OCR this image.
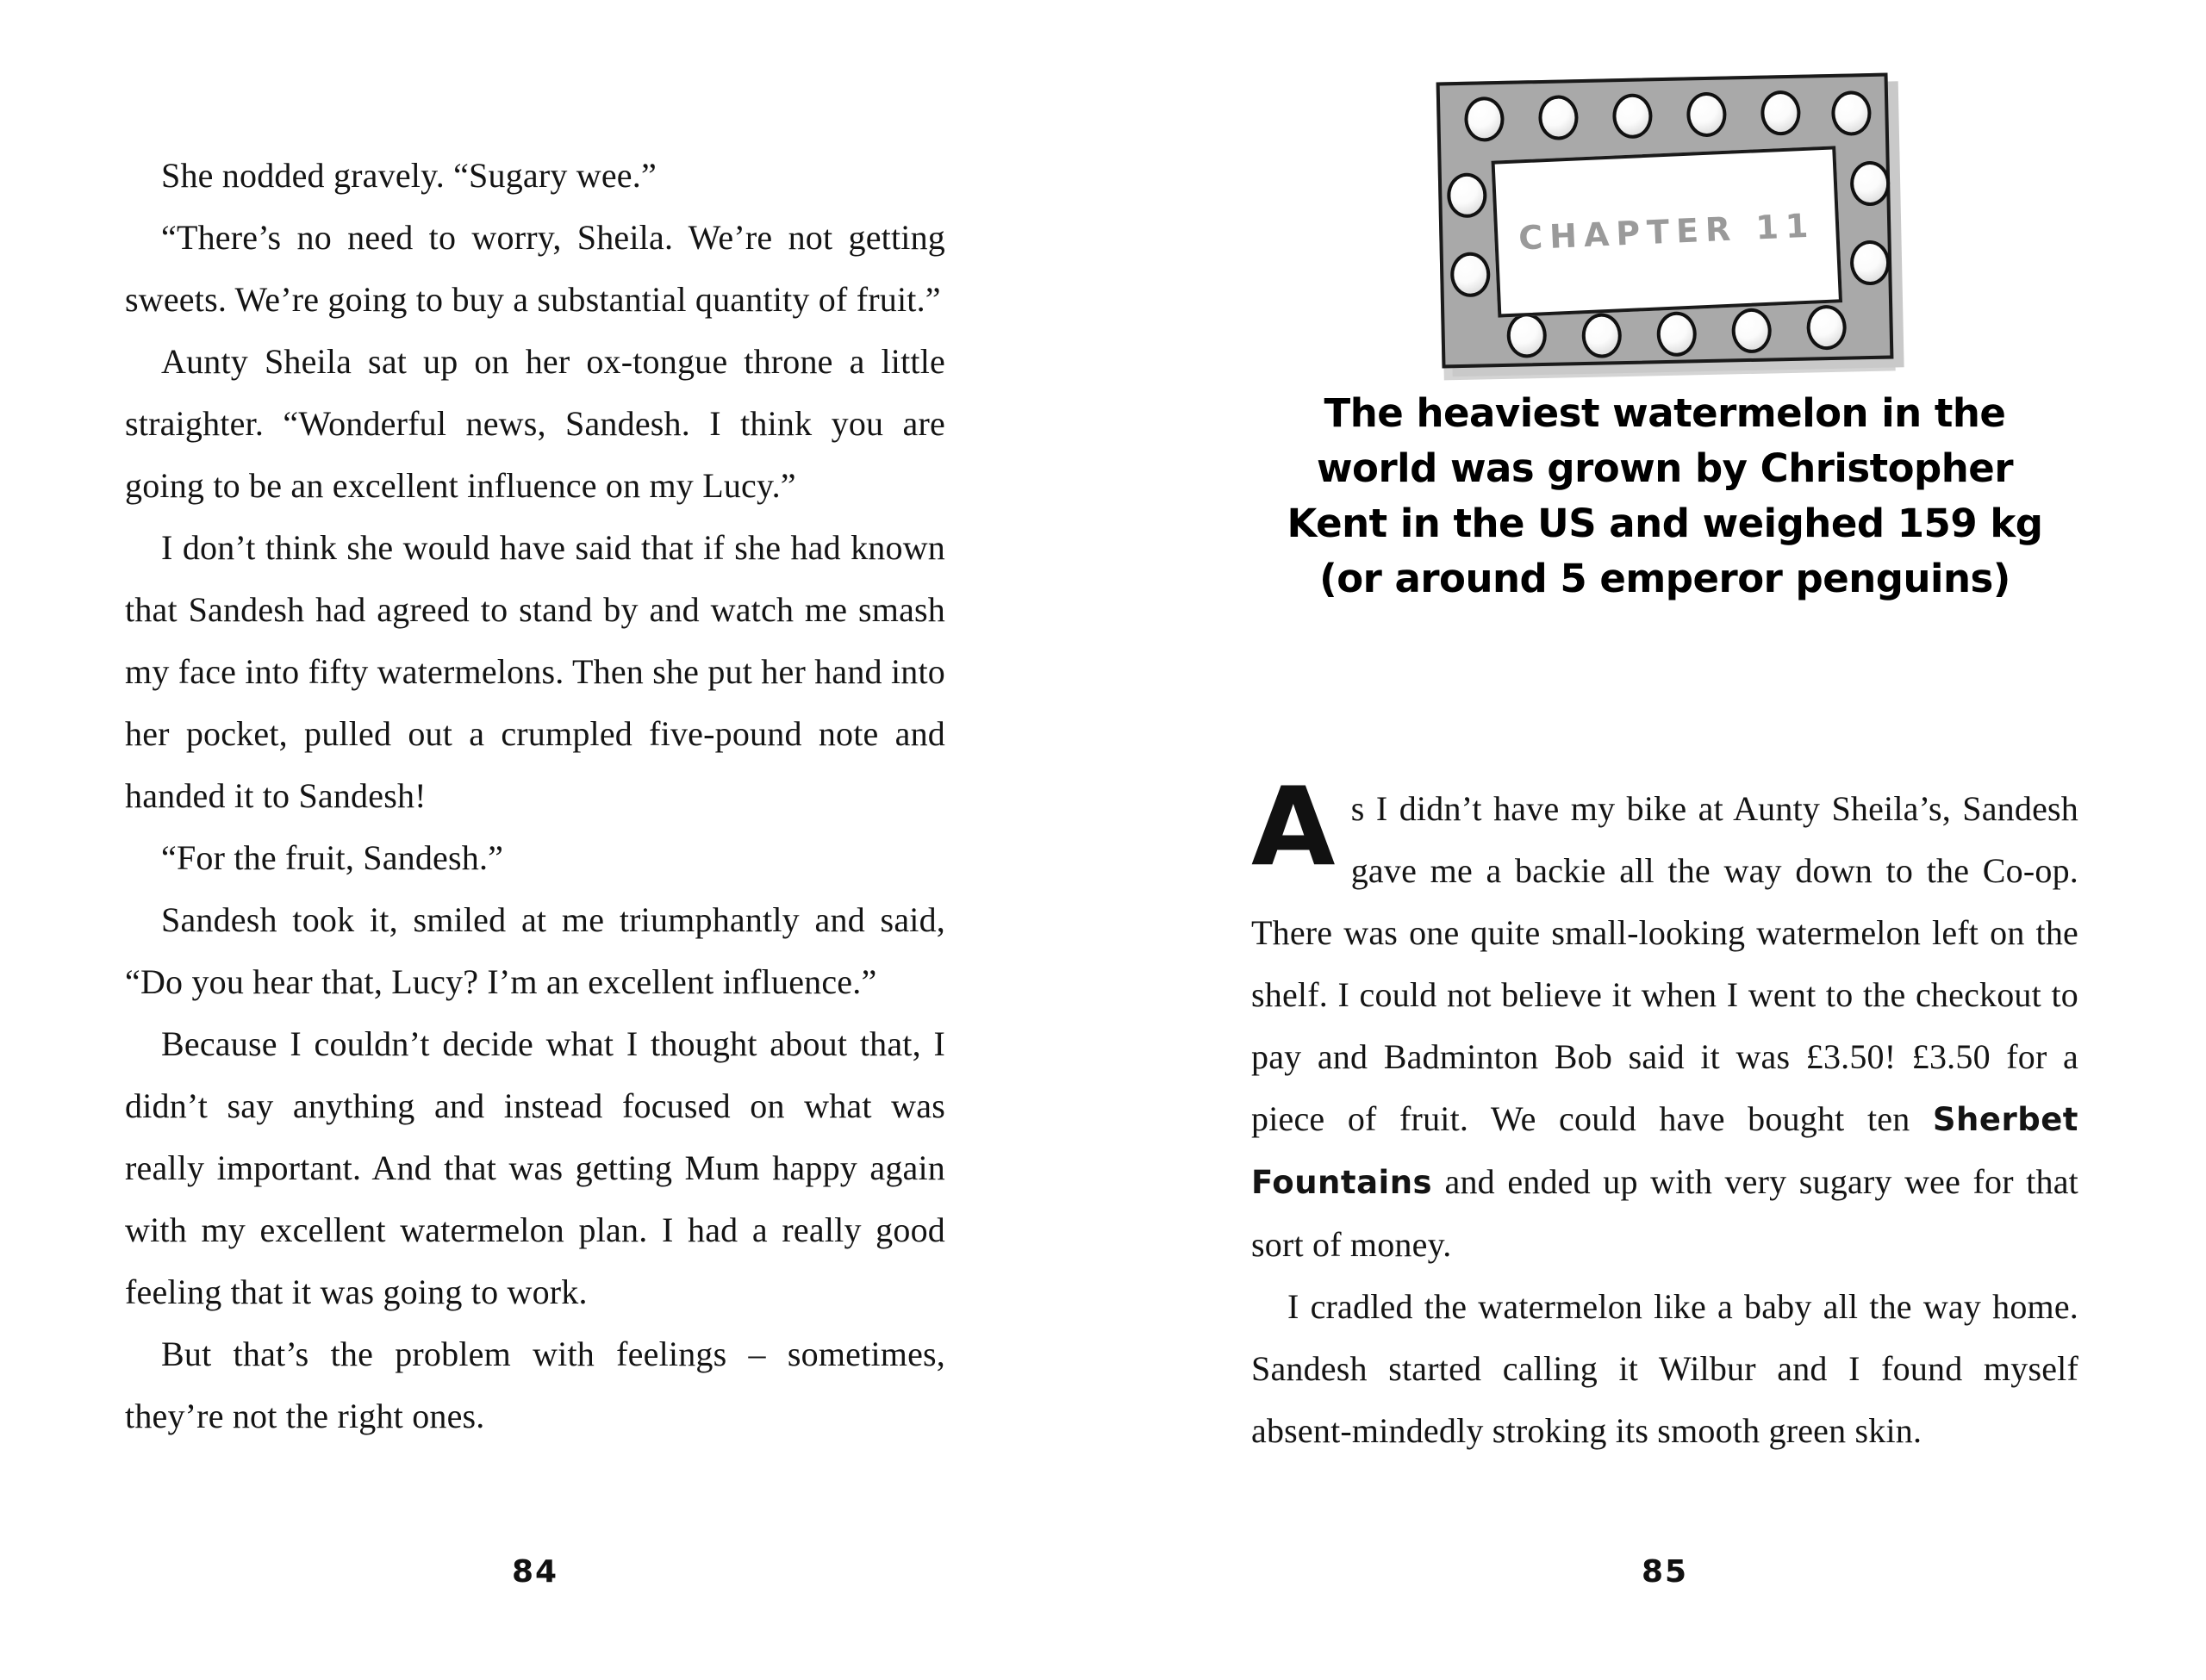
She nodded gravely. “Sugary wee.”

“There’s no need to worry, Sheila. We’re not getting sweets. We’re going to buy a substantial quantity of fruit.”

Aunty Sheila sat up on her ox-tongue throne a little straighter. “Wonderful news, Sandesh. I think you are going to be an excellent influence on my Lucy.”

I don’t think she would have said that if she had known that Sandesh had agreed to stand by and watch me smash my face into fifty watermelons. Then she put her hand into her pocket, pulled out a crumpled five-pound note and handed it to Sandesh!

“For the fruit, Sandesh.”

Sandesh took it, smiled at me triumphantly and said, “Do you hear that, Lucy? I’m an excellent influence.”

Because I couldn’t decide what I thought about that, I didn’t say anything and instead focused on what was really important. And that was getting Mum happy again with my excellent watermelon plan. I had a really good feeling that it was going to work.

But that’s the problem with feelings – sometimes, they’re not the right ones.

84
CHAPTER 11
The heaviest watermelon in the
world was grown by Christopher
Kent in the US and weighed 159 kg
(or around 5 emperor penguins)

As I didn’t have my bike at Aunty Sheila’s, Sandesh gave me a backie all the way down to the Co-op. There was one quite small-looking watermelon left on the shelf. I could not believe it when I went to the checkout to pay and Badminton Bob said it was £3.50! £3.50 for a piece of fruit. We could have bought ten Sherbet Fountains and ended up with very sugary wee for that sort of money.

I cradled the watermelon like a baby all the way home. Sandesh started calling it Wilbur and I found myself absent-mindedly stroking its smooth green skin.

85
